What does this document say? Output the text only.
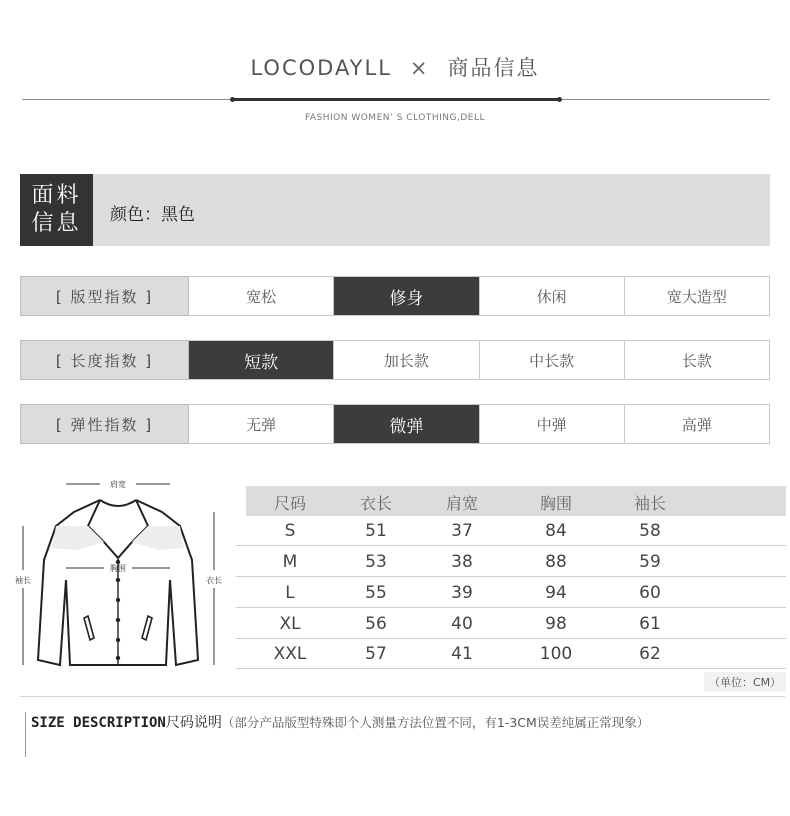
LOCODAYLL × 商品信息
FASHION WOMEN’ S CLOTHING,DELL
面料
信息	颜色：黑色
[ 版型指数 ]	宽松	修身	休闲	宽大造型
[ 长度指数 ]	短款	加长款	中长款	长款
[ 弹性指数 ]	无弹	微弹	中弹	高弹
肩宽
胸围
袖长	衣长
尺码	衣长	肩宽	胸围	袖长
S	51	37	84	58
M	53	38	88	59
L	55	39	94	60
XL	56	40	98	61
XXL	57	41	100	62
（单位：CM）
SIZE DESCRIPTION尺码说明（部分产品版型特殊即个人测量方法位置不同，有1-3CM误差纯属正常现象）
